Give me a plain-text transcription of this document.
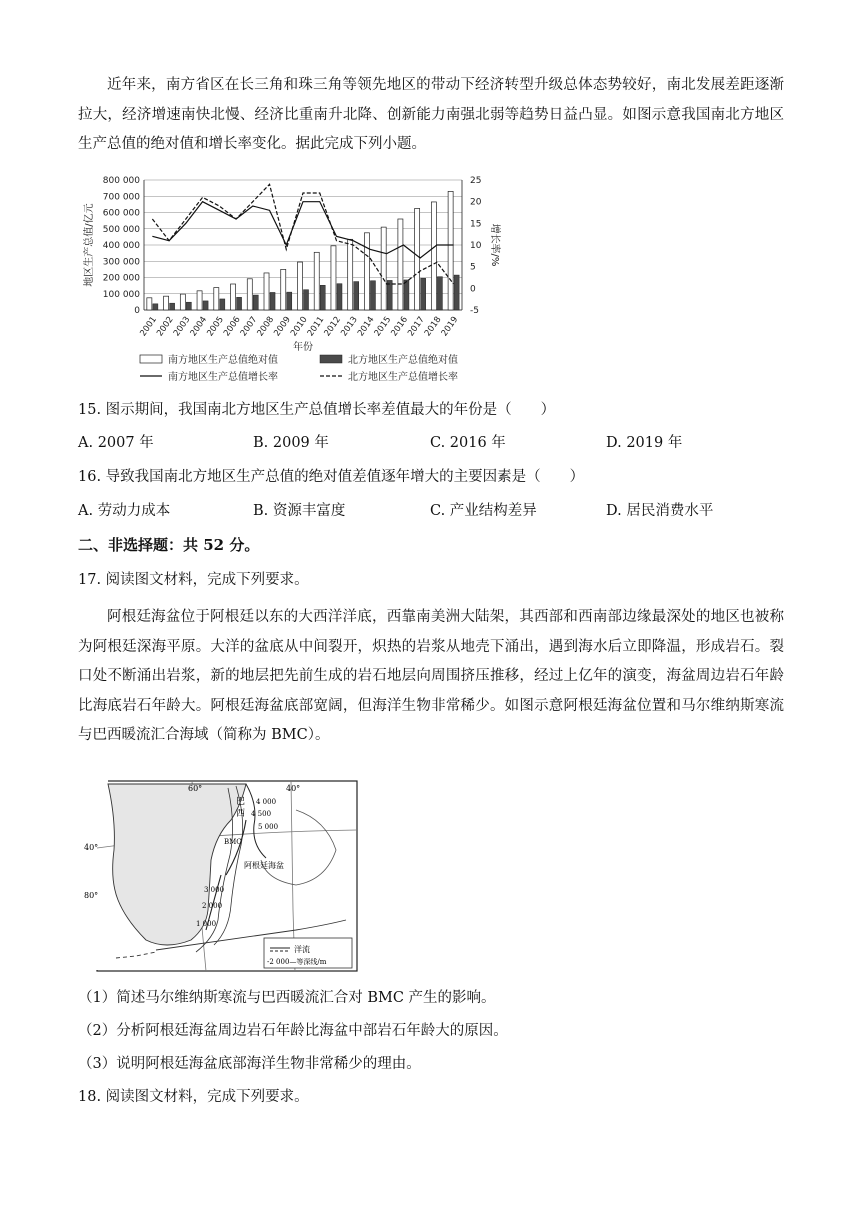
近年来，南方省区在长三角和珠三角等领先地区的带动下经济转型升级总体态势较好，南北发展差距逐渐拉大，经济增速南快北慢、经济比重南升北降、创新能力南强北弱等趋势日益凸显。如图示意我国南北方地区生产总值的绝对值和增长率变化。据此完成下列小题。
0
100 000
200 000
300 000
400 000
500 000
600 000
700 000
800 000
-5
0
5
10
15
20
25
2001
2002
2003
2004
2005
2006
2007
2008
2009
2010
2011
2012
2013
2014
2015
2016
2017
2018
2019
地区生产总值/亿元	增长率/%
年份
南方地区生产总值绝对值	北方地区生产总值绝对值
南方地区生产总值增长率	北方地区生产总值增长率
15. 图示期间，我国南北方地区生产总值增长率差值最大的年份是（　　）
A. 2007 年	B. 2009 年	C. 2016 年	D. 2019 年
16. 导致我国南北方地区生产总值的绝对值差值逐年增大的主要因素是（　　）
A. 劳动力成本	B. 资源丰富度	C. 产业结构差异	D. 居民消费水平
二、非选择题：共 52 分。
17. 阅读图文材料，完成下列要求。
阿根廷海盆位于阿根廷以东的大西洋洋底，西靠南美洲大陆架，其西部和西南部边缘最深处的地区也被称为阿根廷深海平原。大洋的盆底从中间裂开，炽热的岩浆从地壳下涌出，遇到海水后立即降温，形成岩石。裂口处不断涌出岩浆，新的地层把先前生成的岩石地层向周围挤压推移，经过上亿年的演变，海盆周边岩石年龄比海底岩石年龄大。阿根廷海盆底部宽阔，但海洋生物非常稀少。如图示意阿根廷海盆位置和马尔维纳斯寒流与巴西暖流汇合海域（简称为 BMC）。
60°	40°
40°
80°
巴
西
4 000
4 500
5 000
BMC
阿根廷海盆
3 000
2 000
1 000
洋流
-2 000—等深线/m
（1）简述马尔维纳斯寒流与巴西暖流汇合对 BMC 产生的影响。
（2）分析阿根廷海盆周边岩石年龄比海盆中部岩石年龄大的原因。
（3）说明阿根廷海盆底部海洋生物非常稀少的理由。
18. 阅读图文材料，完成下列要求。
